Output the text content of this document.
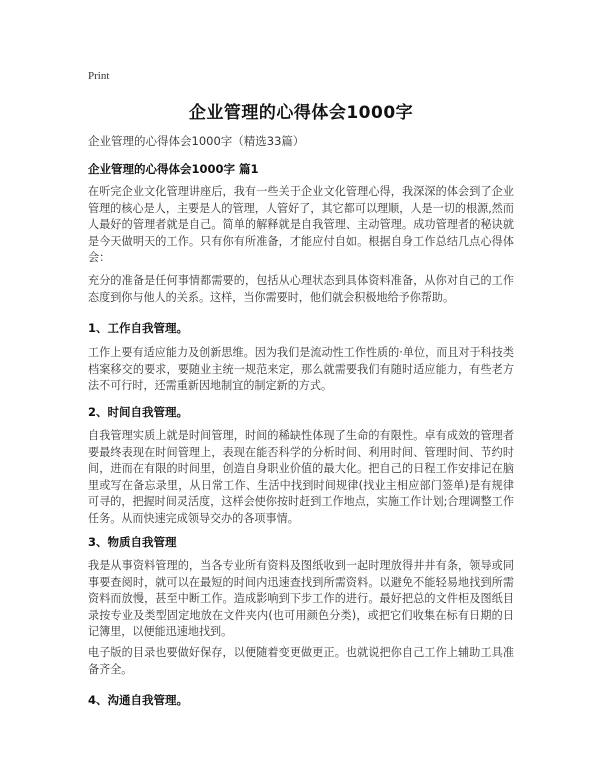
Print
企业管理的心得体会1000字
企业管理的心得体会1000字（精选33篇）
企业管理的心得体会1000字 篇1
在听完企业文化管理讲座后，我有一些关于企业文化管理心得，我深深的体会到了企业管理的核心是人，主要是人的管理，人管好了，其它都可以理顺，人是一切的根源,然而人最好的管理者就是自己。简单的解释就是自我管理、主动管理。成功管理者的秘诀就是今天做明天的工作。只有你有所准备，才能应付自如。根据自身工作总结几点心得体会：
充分的准备是任何事情都需要的，包括从心理状态到具体资料准备，从你对自己的工作态度到你与他人的关系。这样，当你需要时，他们就会积极地给予你帮助。
1、工作自我管理。
工作上要有适应能力及创新思维。因为我们是流动性工作性质的·单位，而且对于科技类档案移交的要求，要随业主统一规范来定，那么就需要我们有随时适应能力，有些老方法不可行时，还需重新因地制宜的制定新的方式。
2、时间自我管理。
自我管理实质上就是时间管理，时间的稀缺性体现了生命的有限性。卓有成效的管理者要最终表现在时间管理上，表现在能否科学的分析时间、利用时间、管理时间、节约时间，进而在有限的时间里，创造自身职业价值的最大化。把自己的日程工作安排记在脑里或写在备忘录里，从日常工作、生活中找到时间规律(找业主相应部门签单)是有规律可寻的，把握时间灵活度，这样会使你按时赶到工作地点，实施工作计划;合理调整工作任务。从而快速完成领导交办的各项事情。
3、物质自我管理
我是从事资料管理的，当各专业所有资料及图纸收到一起时理放得井井有条，领导或同事要查阅时，就可以在最短的时间内迅速查找到所需资料。以避免不能轻易地找到所需资料而放慢，甚至中断工作。造成影响到下步工作的进行。最好把总的文件柜及图纸目录按专业及类型固定地放在文件夹内(也可用颜色分类)，或把它们收集在标有日期的日记簿里，以便能迅速地找到。
电子版的目录也要做好保存，以便随着变更做更正。也就说把你自己工作上辅助工具准备齐全。
4、沟通自我管理。
